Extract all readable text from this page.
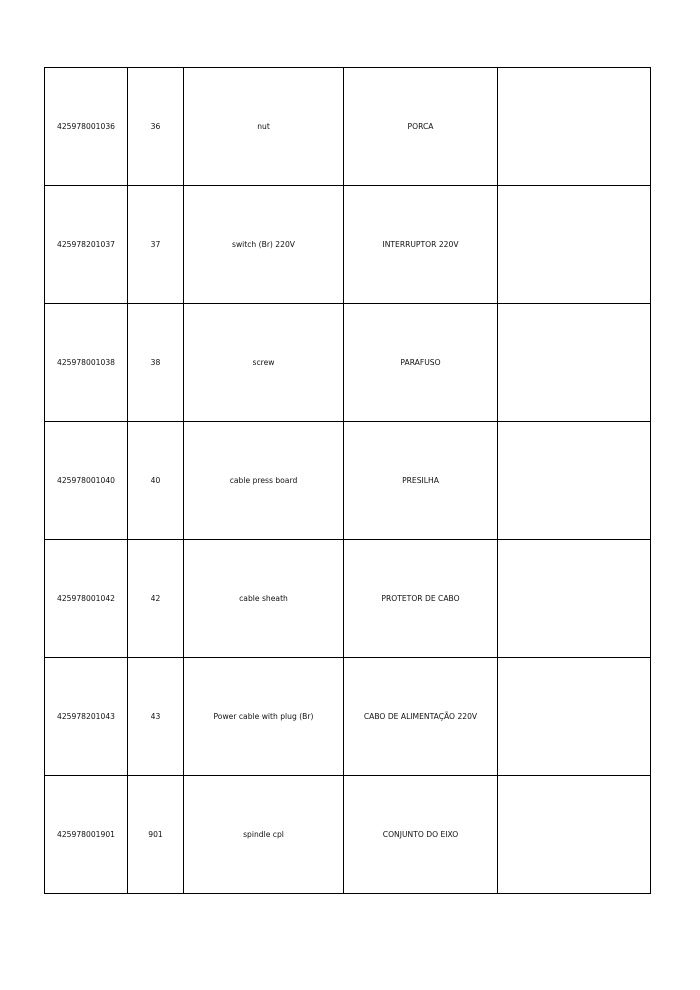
425978001036	36	nut	PORCA	
425978201037	37	switch (Br) 220V	INTERRUPTOR 220V	
425978001038	38	screw	PARAFUSO	
425978001040	40	cable press board	PRESILHA	
425978001042	42	cable sheath	PROTETOR DE CABO	
425978201043	43	Power cable with plug (Br)	CABO DE ALIMENTAÇÃO 220V	
425978001901	901	spindle cpl	CONJUNTO DO EIXO	
